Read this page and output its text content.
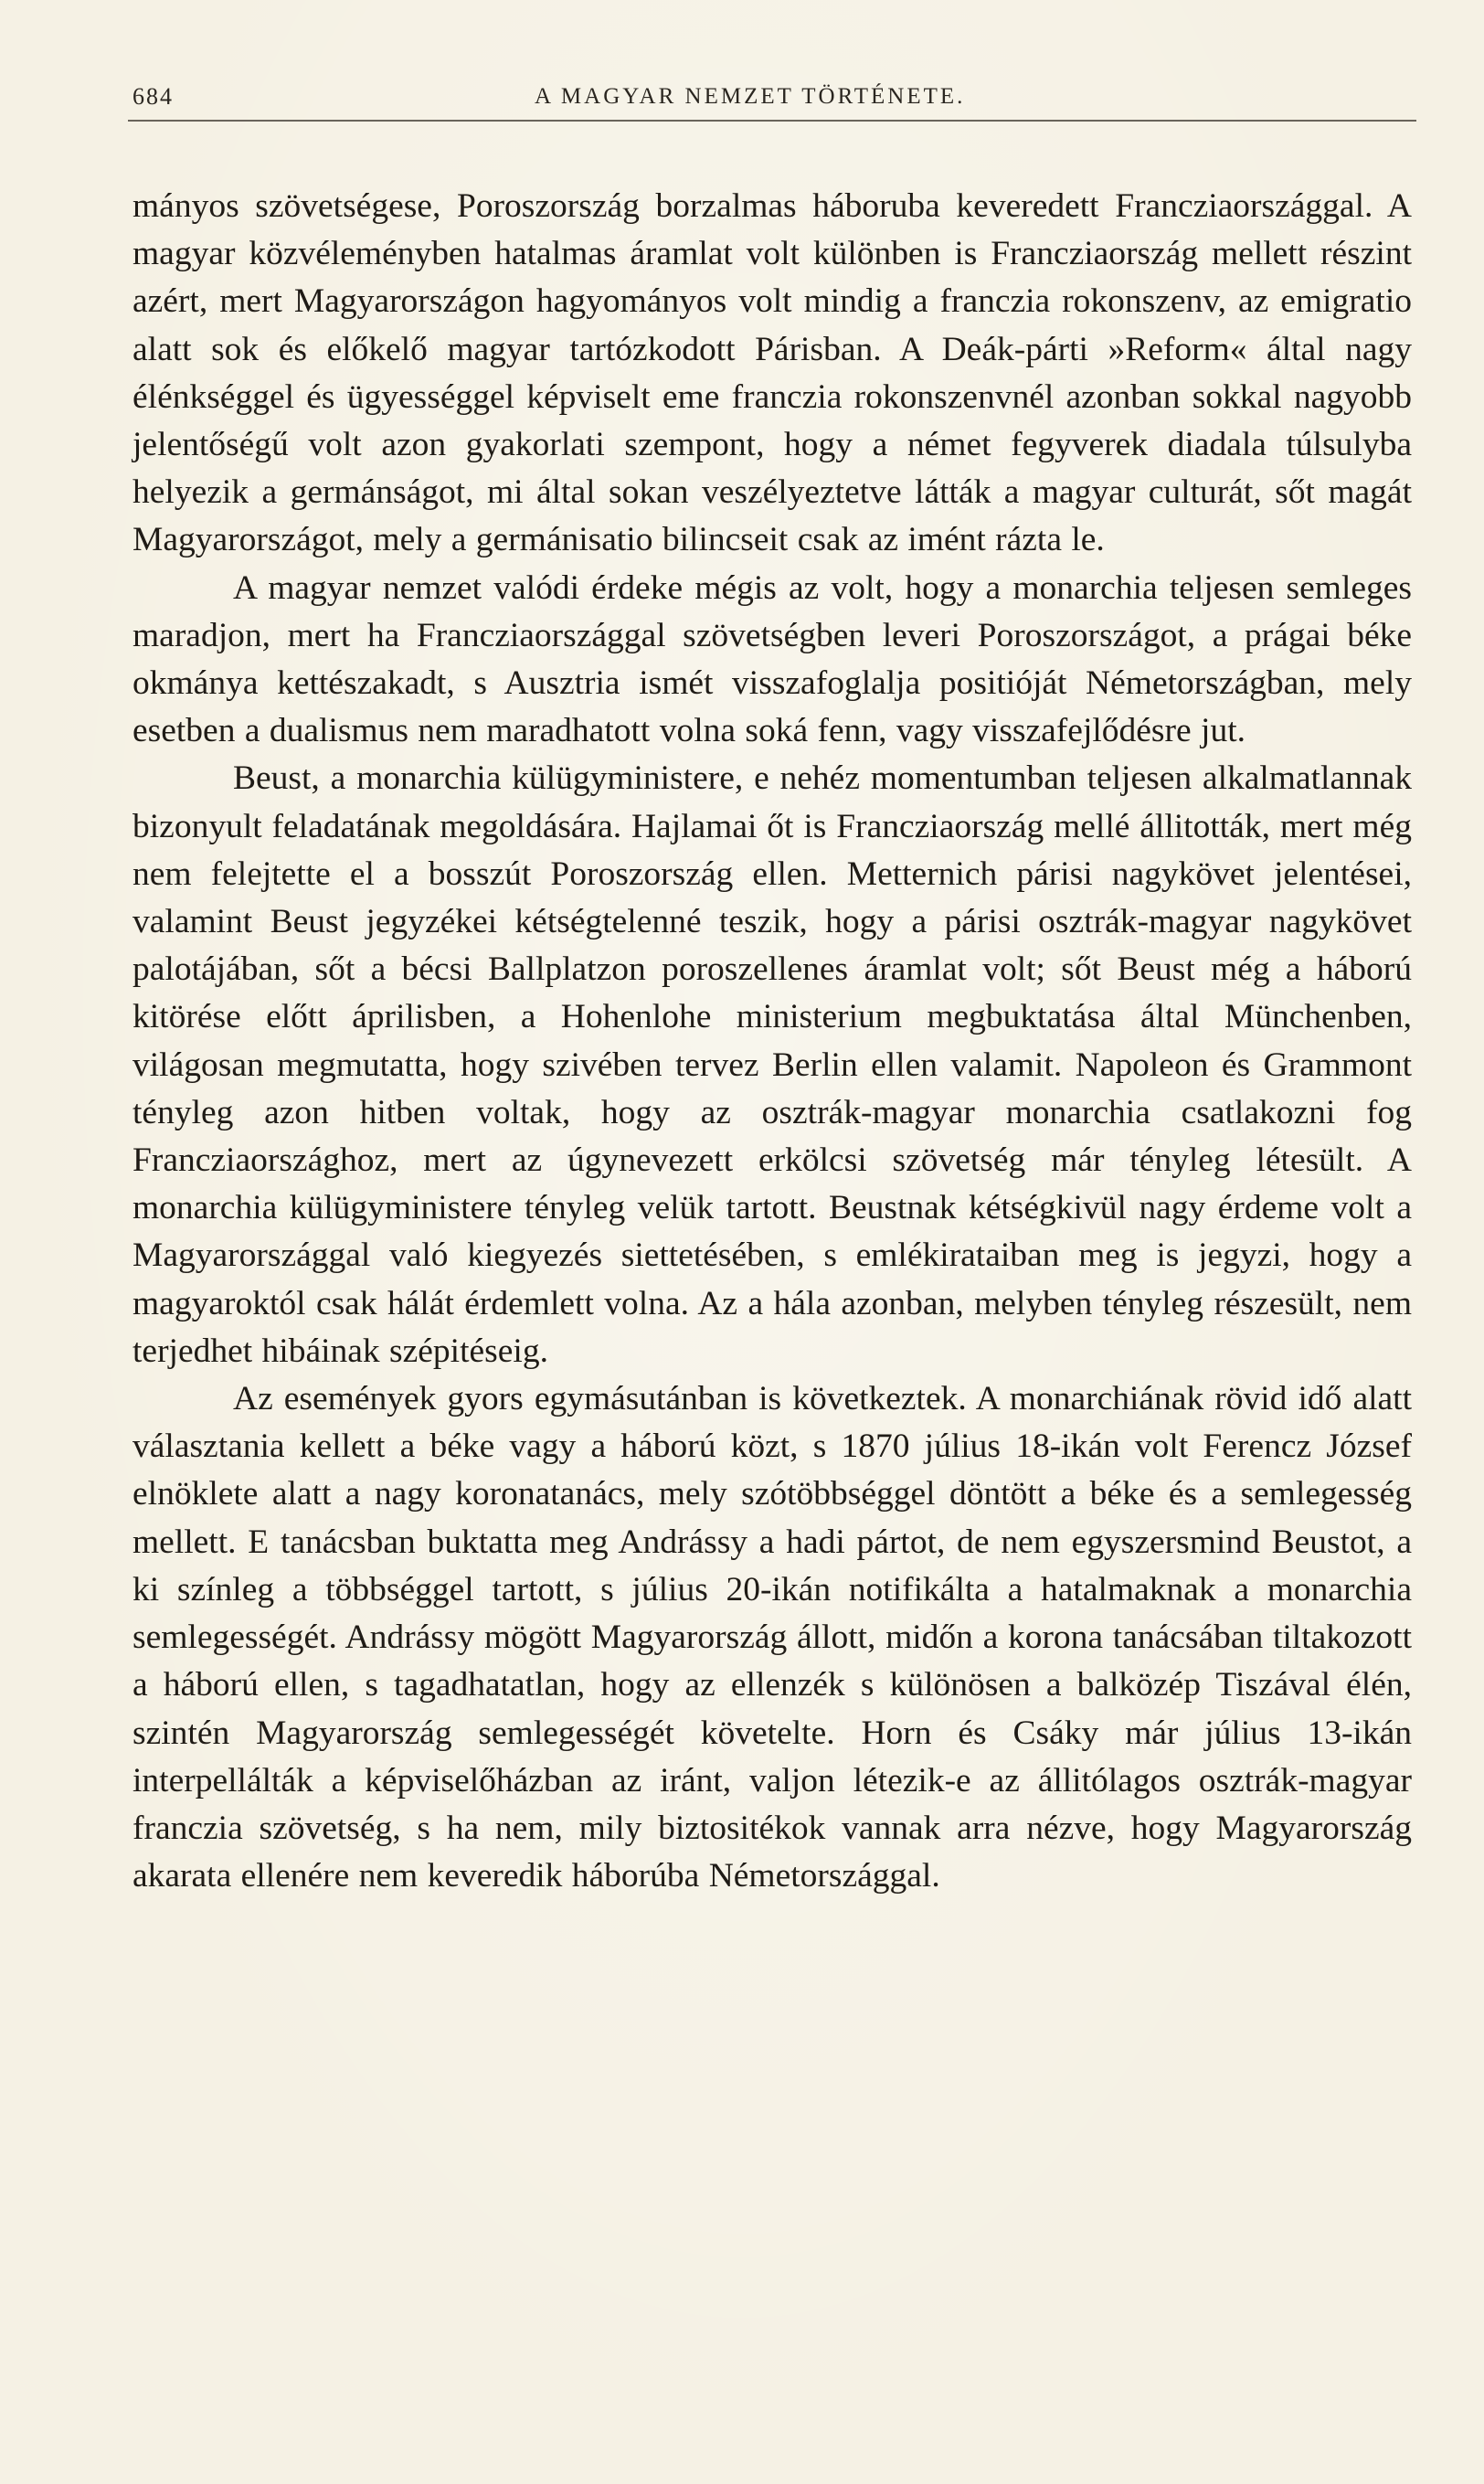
684	A MAGYAR NEMZET TÖRTÉNETE.

mányos szövetségese, Poroszország borzalmas háboruba keveredett Francziaországgal. A magyar közvéleményben hatalmas áramlat volt különben is Francziaország mellett részint azért, mert Magyarországon hagyományos volt mindig a franczia rokonszenv, az emigratio alatt sok és előkelő magyar tartózkodott Párisban. A Deák-párti »Reform« által nagy élénkséggel és ügyességgel képviselt eme franczia rokonszenvnél azonban sokkal nagyobb jelentőségű volt azon gyakorlati szempont, hogy a német fegyverek diadala túlsulyba helyezik a germánságot, mi által sokan veszélyeztetve látták a magyar culturát, sőt magát Magyarországot, mely a germánisatio bilincseit csak az imént rázta le.

A magyar nemzet valódi érdeke mégis az volt, hogy a monarchia teljesen semleges maradjon, mert ha Francziaországgal szövetségben leveri Poroszországot, a prágai béke okmánya kettészakadt, s Ausztria ismét visszafoglalja positióját Németországban, mely esetben a dualismus nem maradhatott volna soká fenn, vagy visszafejlődésre jut.

Beust, a monarchia külügyministere, e nehéz momentumban teljesen alkalmatlannak bizonyult feladatának megoldására. Hajlamai őt is Francziaország mellé állitották, mert még nem felejtette el a bosszút Poroszország ellen. Metternich párisi nagykövet jelentései, valamint Beust jegyzékei kétségtelenné teszik, hogy a párisi osztrák-magyar nagykövet palotájában, sőt a bécsi Ballplatzon poroszellenes áramlat volt; sőt Beust még a háború kitörése előtt áprilisben, a Hohenlohe ministerium megbuktatása által Münchenben, világosan megmutatta, hogy szivében tervez Berlin ellen valamit. Napoleon és Grammont tényleg azon hitben voltak, hogy az osztrák-magyar monarchia csatlakozni fog Francziaországhoz, mert az úgynevezett erkölcsi szövetség már tényleg létesült. A monarchia külügyministere tényleg velük tartott. Beustnak kétségkivül nagy érdeme volt a Magyarországgal való kiegyezés siettetésében, s emlékirataiban meg is jegyzi, hogy a magyaroktól csak hálát érdemlett volna. Az a hála azonban, melyben tényleg részesült, nem terjedhet hibáinak szépitéseig.

Az események gyors egymásutánban is következtek. A monarchiának rövid idő alatt választania kellett a béke vagy a háború közt, s 1870 július 18-ikán volt Ferencz József elnöklete alatt a nagy koronatanács, mely szótöbbséggel döntött a béke és a semlegesség mellett. E tanácsban buktatta meg Andrássy a hadi pártot, de nem egyszersmind Beustot, a ki színleg a többséggel tartott, s július 20-ikán notifikálta a hatalmaknak a monarchia semlegességét. Andrássy mögött Magyarország állott, midőn a korona tanácsában tiltakozott a háború ellen, s tagadhatatlan, hogy az ellenzék s különösen a balközép Tiszával élén, szintén Magyarország semlegességét követelte. Horn és Csáky már július 13-ikán interpellálták a képviselőházban az iránt, valjon létezik-e az állitólagos osztrák-magyar franczia szövetség, s ha nem, mily biztositékok vannak arra nézve, hogy Magyarország akarata ellenére nem keveredik háborúba Németországgal.
